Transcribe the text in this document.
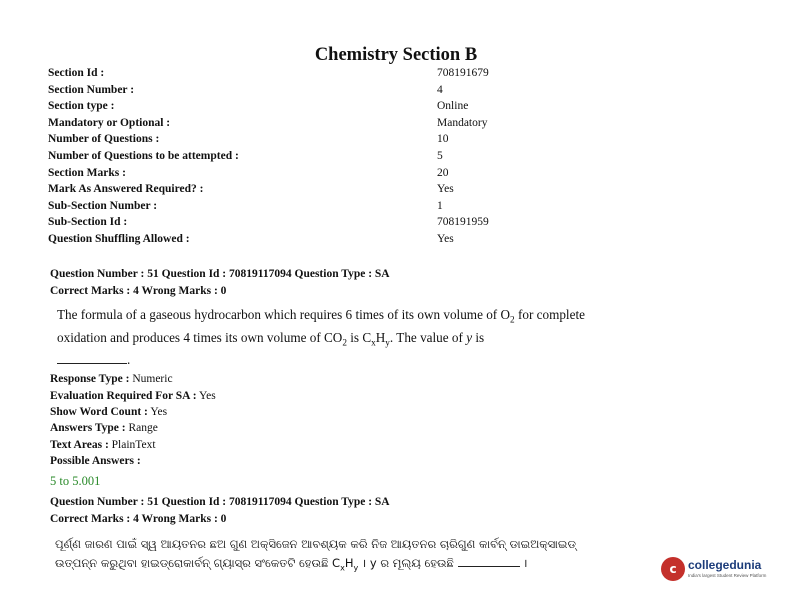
Chemistry Section B
Section Id :	708191679
Section Number :	4
Section type :	Online
Mandatory or Optional :	Mandatory
Number of Questions :	10
Number of Questions to be attempted :	5
Section Marks :	20
Mark As Answered Required? :	Yes
Sub-Section Number :	1
Sub-Section Id :	708191959
Question Shuffling Allowed :	Yes
Question Number : 51 Question Id : 70819117094 Question Type : SA
Correct Marks : 4 Wrong Marks : 0
The formula of a gaseous hydrocarbon which requires 6 times of its own volume of $O_2$ for complete oxidation and produces 4 times its own volume of $CO_2$ is $C_xH_y$. The value of y is
.
Response Type : Numeric
Evaluation Required For SA : Yes
Show Word Count : Yes
Answers Type : Range
Text Areas : PlainText
Possible Answers :
5 to 5.001
Question Number : 51 Question Id : 70819117094 Question Type : SA
Correct Marks : 4 Wrong Marks : 0
ପୂର୍ଣ୍ଣ ଜାରଣ ପାଇଁ ସ୍ୱ ଆୟତନର ଛଅ ଗୁଣ ଅକ୍ସିଜେନ ଆବଶ୍ୟକ କରି ନିଜ ଆୟତନର ଚାରିଗୁଣ କାର୍ବନ୍ ଡାଇଅକ୍ସାଇଡ୍ ଉତ୍ପନ୍ନ କରୁଥିବା ହାଇଡ୍ରୋକାର୍ବନ୍ ଗ୍ୟାସ୍‌ର ସଂକେତଟି ହେଉଛି $C_xH_y$ । y ର ମୂଲ୍ୟ ହେଉଛି	।	c collegedunia
India's largest Student Review Platform
